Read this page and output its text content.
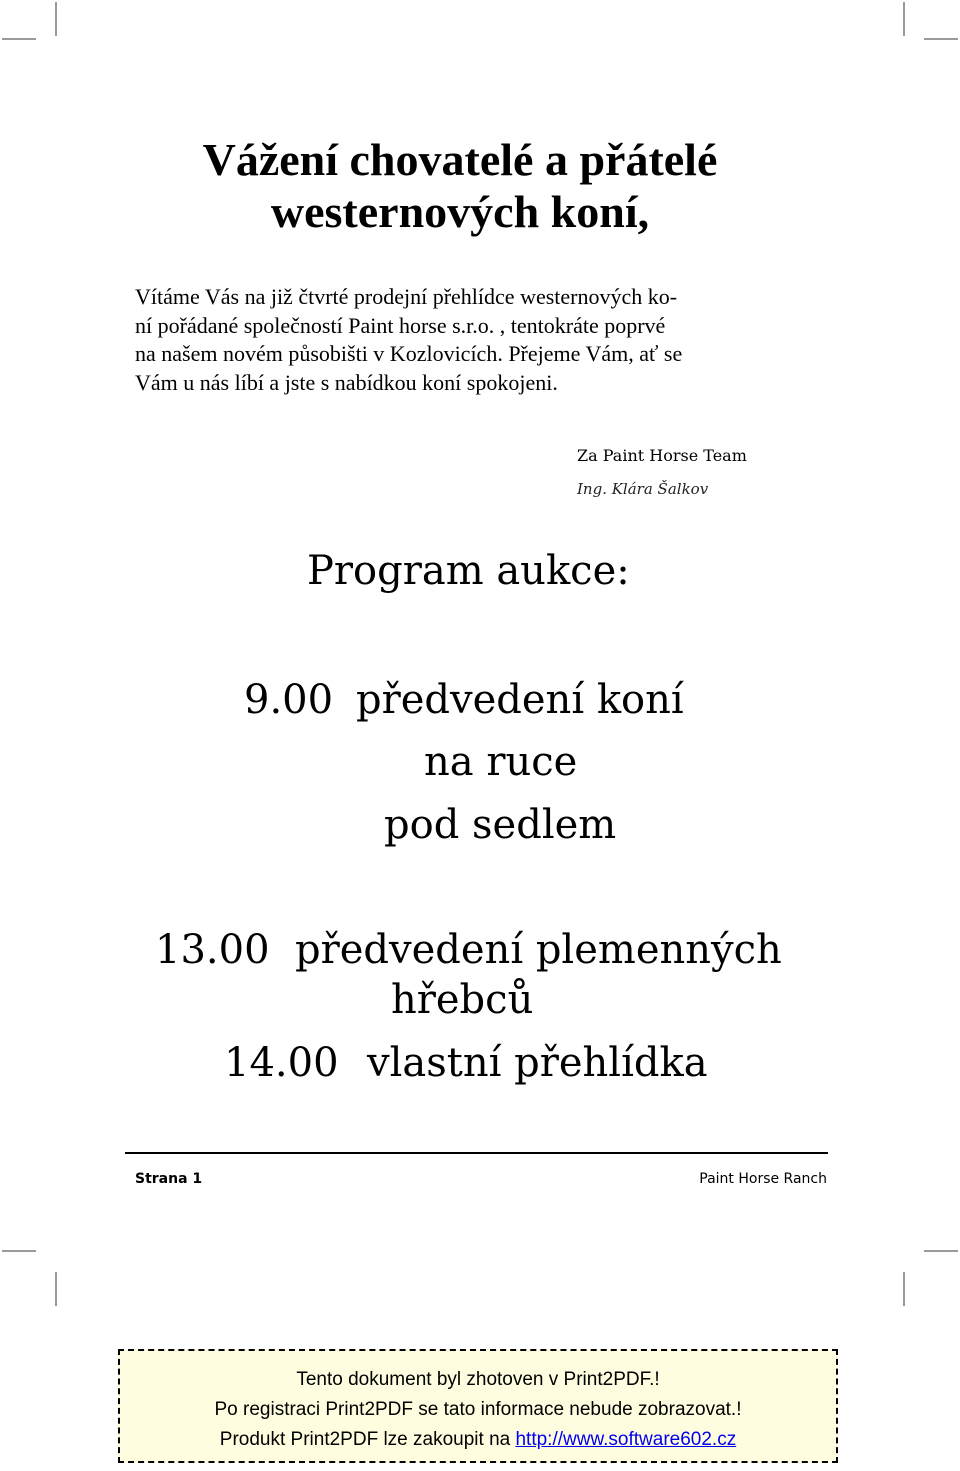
Vážení chovatelé a přátelé
westernových koní,

Vítáme Vás na již čtvrté prodejní přehlídce westernových ko-
ní pořádané společností Paint horse s.r.o. , tentokráte poprvé
na našem novém působišti v Kozlovicích. Přejeme Vám, ať se
Vám u nás líbí a jste s nabídkou koní spokojeni.

Za Paint Horse Team
Ing. Klára Šalkov
Program aukce:
9.00 předvedení koní
na ruce
pod sedlem
13.00 předvedení plemenných
hřebců
14.00 vlastní přehlídka
Strana 1	Paint Horse Ranch
Tento dokument byl zhotoven v Print2PDF.!
Po registraci Print2PDF se tato informace nebude zobrazovat.!
Produkt Print2PDF lze zakoupit na http://www.software602.cz
